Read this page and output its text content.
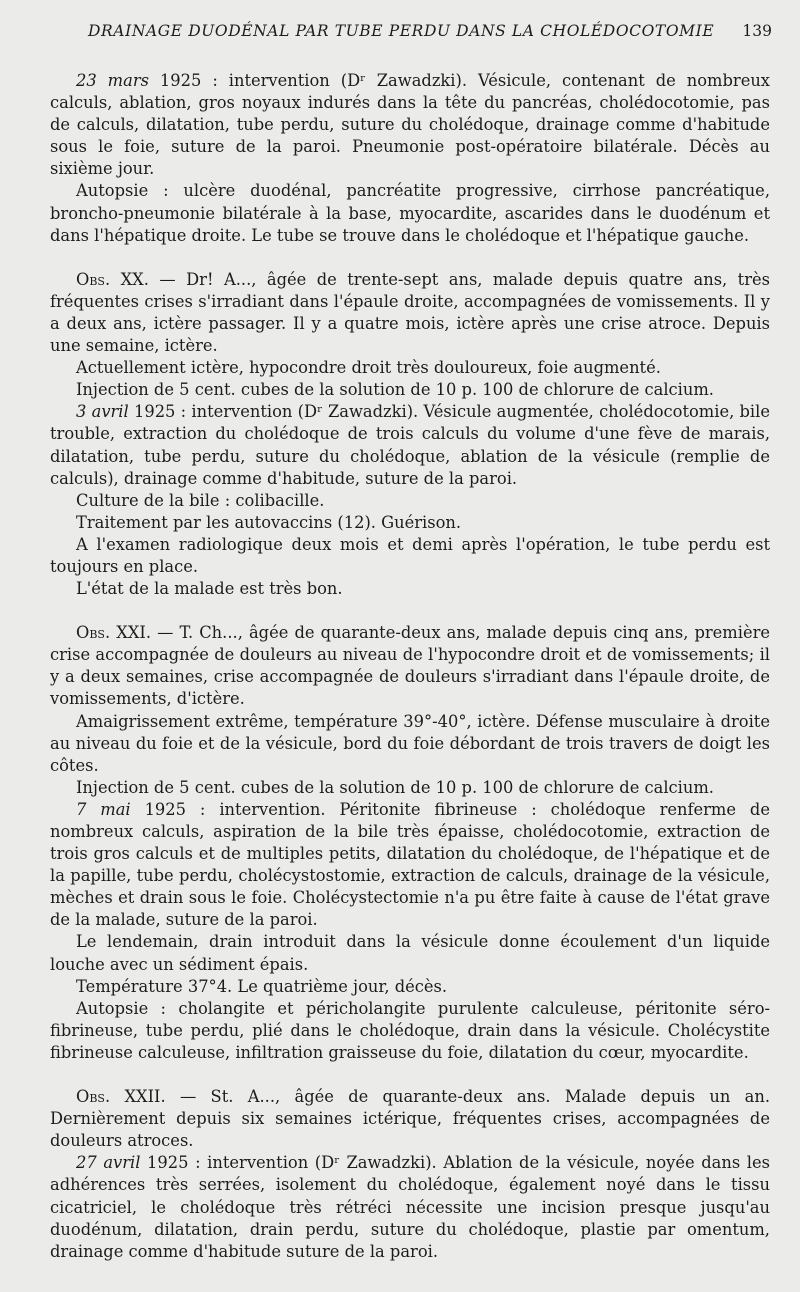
DRAINAGE DUODÉNAL PAR TUBE PERDU DANS LA CHOLÉDOCOTOMIE 139

23 mars 1925 : intervention (Dʳ Zawadzki). Vésicule, contenant de nombreux calculs, ablation, gros noyaux indurés dans la tête du pancréas, cholédocotomie, pas de calculs, dilatation, tube perdu, suture du cholédoque, drainage comme d'habitude sous le foie, suture de la paroi. Pneumonie post-opératoire bilatérale. Décès au sixième jour.

Autopsie : ulcère duodénal, pancréatite progressive, cirrhose pancréatique, broncho-pneumonie bilatérale à la base, myocardite, ascarides dans le duodénum et dans l'hépatique droite. Le tube se trouve dans le cholédoque et l'hépatique gauche.

Obs. XX. — Dr! A..., âgée de trente-sept ans, malade depuis quatre ans, très fréquentes crises s'irradiant dans l'épaule droite, accompagnées de vomissements. Il y a deux ans, ictère passager. Il y a quatre mois, ictère après une crise atroce. Depuis une semaine, ictère.

Actuellement ictère, hypocondre droit très douloureux, foie augmenté.

Injection de 5 cent. cubes de la solution de 10 p. 100 de chlorure de calcium.

3 avril 1925 : intervention (Dʳ Zawadzki). Vésicule augmentée, cholédocotomie, bile trouble, extraction du cholédoque de trois calculs du volume d'une fève de marais, dilatation, tube perdu, suture du cholédoque, ablation de la vésicule (remplie de calculs), drainage comme d'habitude, suture de la paroi.

Culture de la bile : colibacille.

Traitement par les autovaccins (12). Guérison.

A l'examen radiologique deux mois et demi après l'opération, le tube perdu est toujours en place.

L'état de la malade est très bon.

Obs. XXI. — T. Ch..., âgée de quarante-deux ans, malade depuis cinq ans, première crise accompagnée de douleurs au niveau de l'hypocondre droit et de vomissements; il y a deux semaines, crise accompagnée de douleurs s'irradiant dans l'épaule droite, de vomissements, d'ictère.

Amaigrissement extrême, température 39°-40°, ictère. Défense musculaire à droite au niveau du foie et de la vésicule, bord du foie débordant de trois travers de doigt les côtes.

Injection de 5 cent. cubes de la solution de 10 p. 100 de chlorure de calcium.

7 mai 1925 : intervention. Péritonite fibrineuse : cholédoque renferme de nombreux calculs, aspiration de la bile très épaisse, cholédocotomie, extraction de trois gros calculs et de multiples petits, dilatation du cholédoque, de l'hépatique et de la papille, tube perdu, cholécystostomie, extraction de calculs, drainage de la vésicule, mèches et drain sous le foie. Cholécystectomie n'a pu être faite à cause de l'état grave de la malade, suture de la paroi.

Le lendemain, drain introduit dans la vésicule donne écoulement d'un liquide louche avec un sédiment épais.

Température 37°4. Le quatrième jour, décès.

Autopsie : cholangite et péricholangite purulente calculeuse, péritonite séro-fibrineuse, tube perdu, plié dans le cholédoque, drain dans la vésicule. Cholécystite fibrineuse calculeuse, infiltration graisseuse du foie, dilatation du cœur, myocardite.

Obs. XXII. — St. A..., âgée de quarante-deux ans. Malade depuis un an. Dernièrement depuis six semaines ictérique, fréquentes crises, accompagnées de douleurs atroces.

27 avril 1925 : intervention (Dʳ Zawadzki). Ablation de la vésicule, noyée dans les adhérences très serrées, isolement du cholédoque, également noyé dans le tissu cicatriciel, le cholédoque très rétréci nécessite une incision presque jusqu'au duodénum, dilatation, drain perdu, suture du cholédoque, plastie par omentum, drainage comme d'habitude suture de la paroi.
